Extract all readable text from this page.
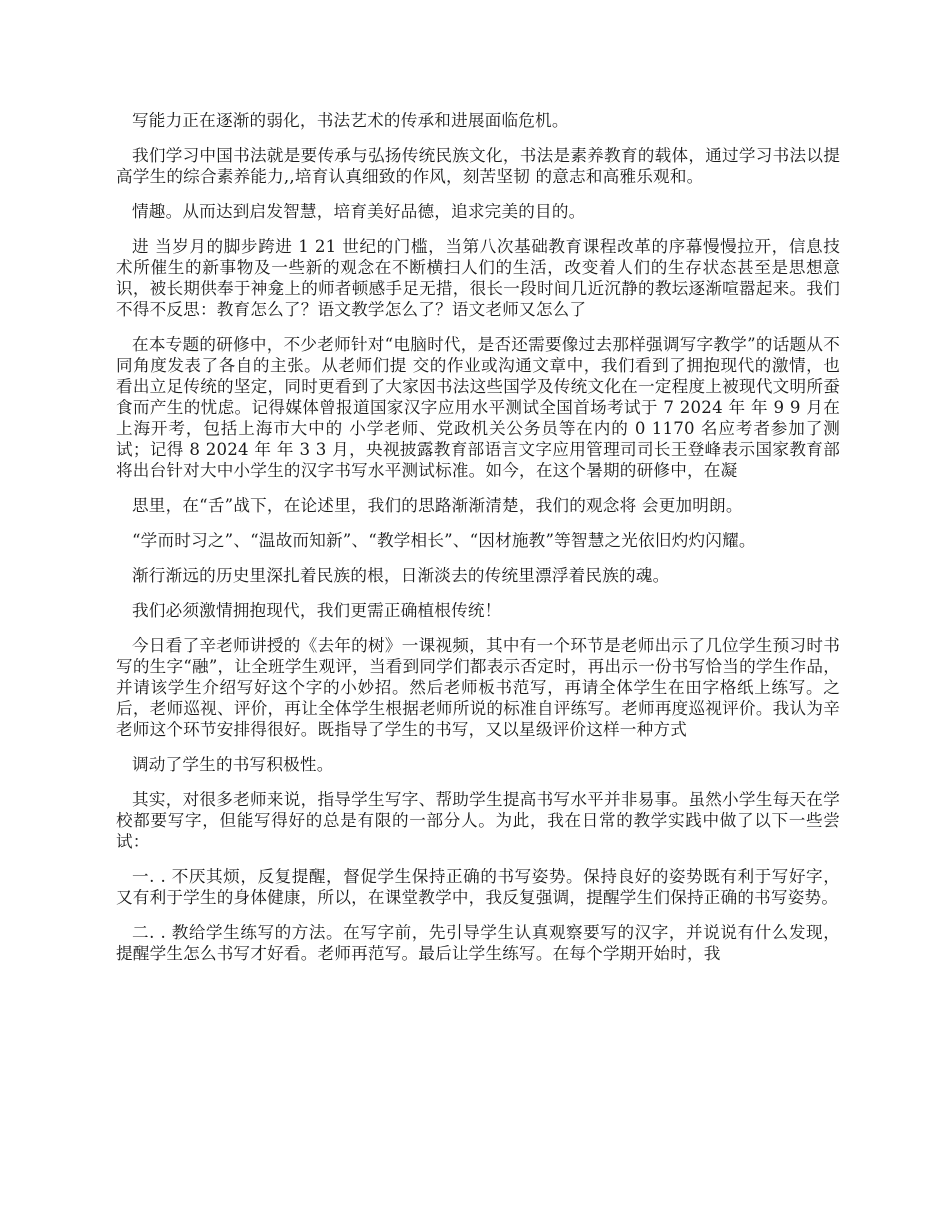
写能力正在逐渐的弱化，书法艺术的传承和进展面临危机。

我们学习中国书法就是要传承与弘扬传统民族文化，书法是素养教育的载体，通过学习书法以提高学生的综合素养能力,,培育认真细致的作风，刻苦坚韧 的意志和高雅乐观和。

情趣。从而达到启发智慧，培育美好品德，追求完美的目的。

进 当岁月的脚步跨进 1 21 世纪的门槛，当第八次基础教育课程改革的序幕慢慢拉开，信息技术所催生的新事物及一些新的观念在不断横扫人们的生活，改变着人们的生存状态甚至是思想意识，被长期供奉于神龛上的师者顿感手足无措，很长一段时间几近沉静的教坛逐渐喧嚣起来。我们不得不反思：教育怎么了？语文教学怎么了？语文老师又怎么了

在本专题的研修中，不少老师针对“电脑时代，是否还需要像过去那样强调写字教学”的话题从不同角度发表了各自的主张。从老师们提 交的作业或沟通文章中，我们看到了拥抱现代的激情，也看出立足传统的坚定，同时更看到了大家因书法这些国学及传统文化在一定程度上被现代文明所蚕食而产生的忧虑。记得媒体曾报道国家汉字应用水平测试全国首场考试于 7 2024 年 年 9 9 月在上海开考，包括上海市大中的 小学老师、党政机关公务员等在内的 0 1170 名应考者参加了测试；记得 8 2024 年 年 3 3 月，央视披露教育部语言文字应用管理司司长王登峰表示国家教育部将出台针对大中小学生的汉字书写水平测试标准。如今，在这个暑期的研修中，在凝

思里，在“舌”战下，在论述里，我们的思路渐渐清楚，我们的观念将 会更加明朗。

“学而时习之”、“温故而知新”、“教学相长”、“因材施教”等智慧之光依旧灼灼闪耀。

渐行渐远的历史里深扎着民族的根，日渐淡去的传统里漂浮着民族的魂。

我们必须激情拥抱现代，我们更需正确植根传统！

今日看了辛老师讲授的《去年的树》一课视频，其中有一个环节是老师出示了几位学生预习时书写的生字“融”，让全班学生观评，当看到同学们都表示否定时，再出示一份书写恰当的学生作品，并请该学生介绍写好这个字的小妙招。然后老师板书范写，再请全体学生在田字格纸上练写。之后，老师巡视、评价，再让全体学生根据老师所说的标准自评练写。老师再度巡视评价。我认为辛老师这个环节安排得很好。既指导了学生的书写，又以星级评价这样一种方式

调动了学生的书写积极性。

其实，对很多老师来说，指导学生写字、帮助学生提高书写水平并非易事。虽然小学生每天在学校都要写字，但能写得好的总是有限的一部分人。为此，我在日常的教学实践中做了以下一些尝试：

一. . 不厌其烦，反复提醒，督促学生保持正确的书写姿势。保持良好的姿势既有利于写好字，又有利于学生的身体健康，所以，在课堂教学中，我反复强调，提醒学生们保持正确的书写姿势。

二. . 教给学生练写的方法。在写字前，先引导学生认真观察要写的汉字，并说说有什么发现，提醒学生怎么书写才好看。老师再范写。最后让学生练写。在每个学期开始时，我
